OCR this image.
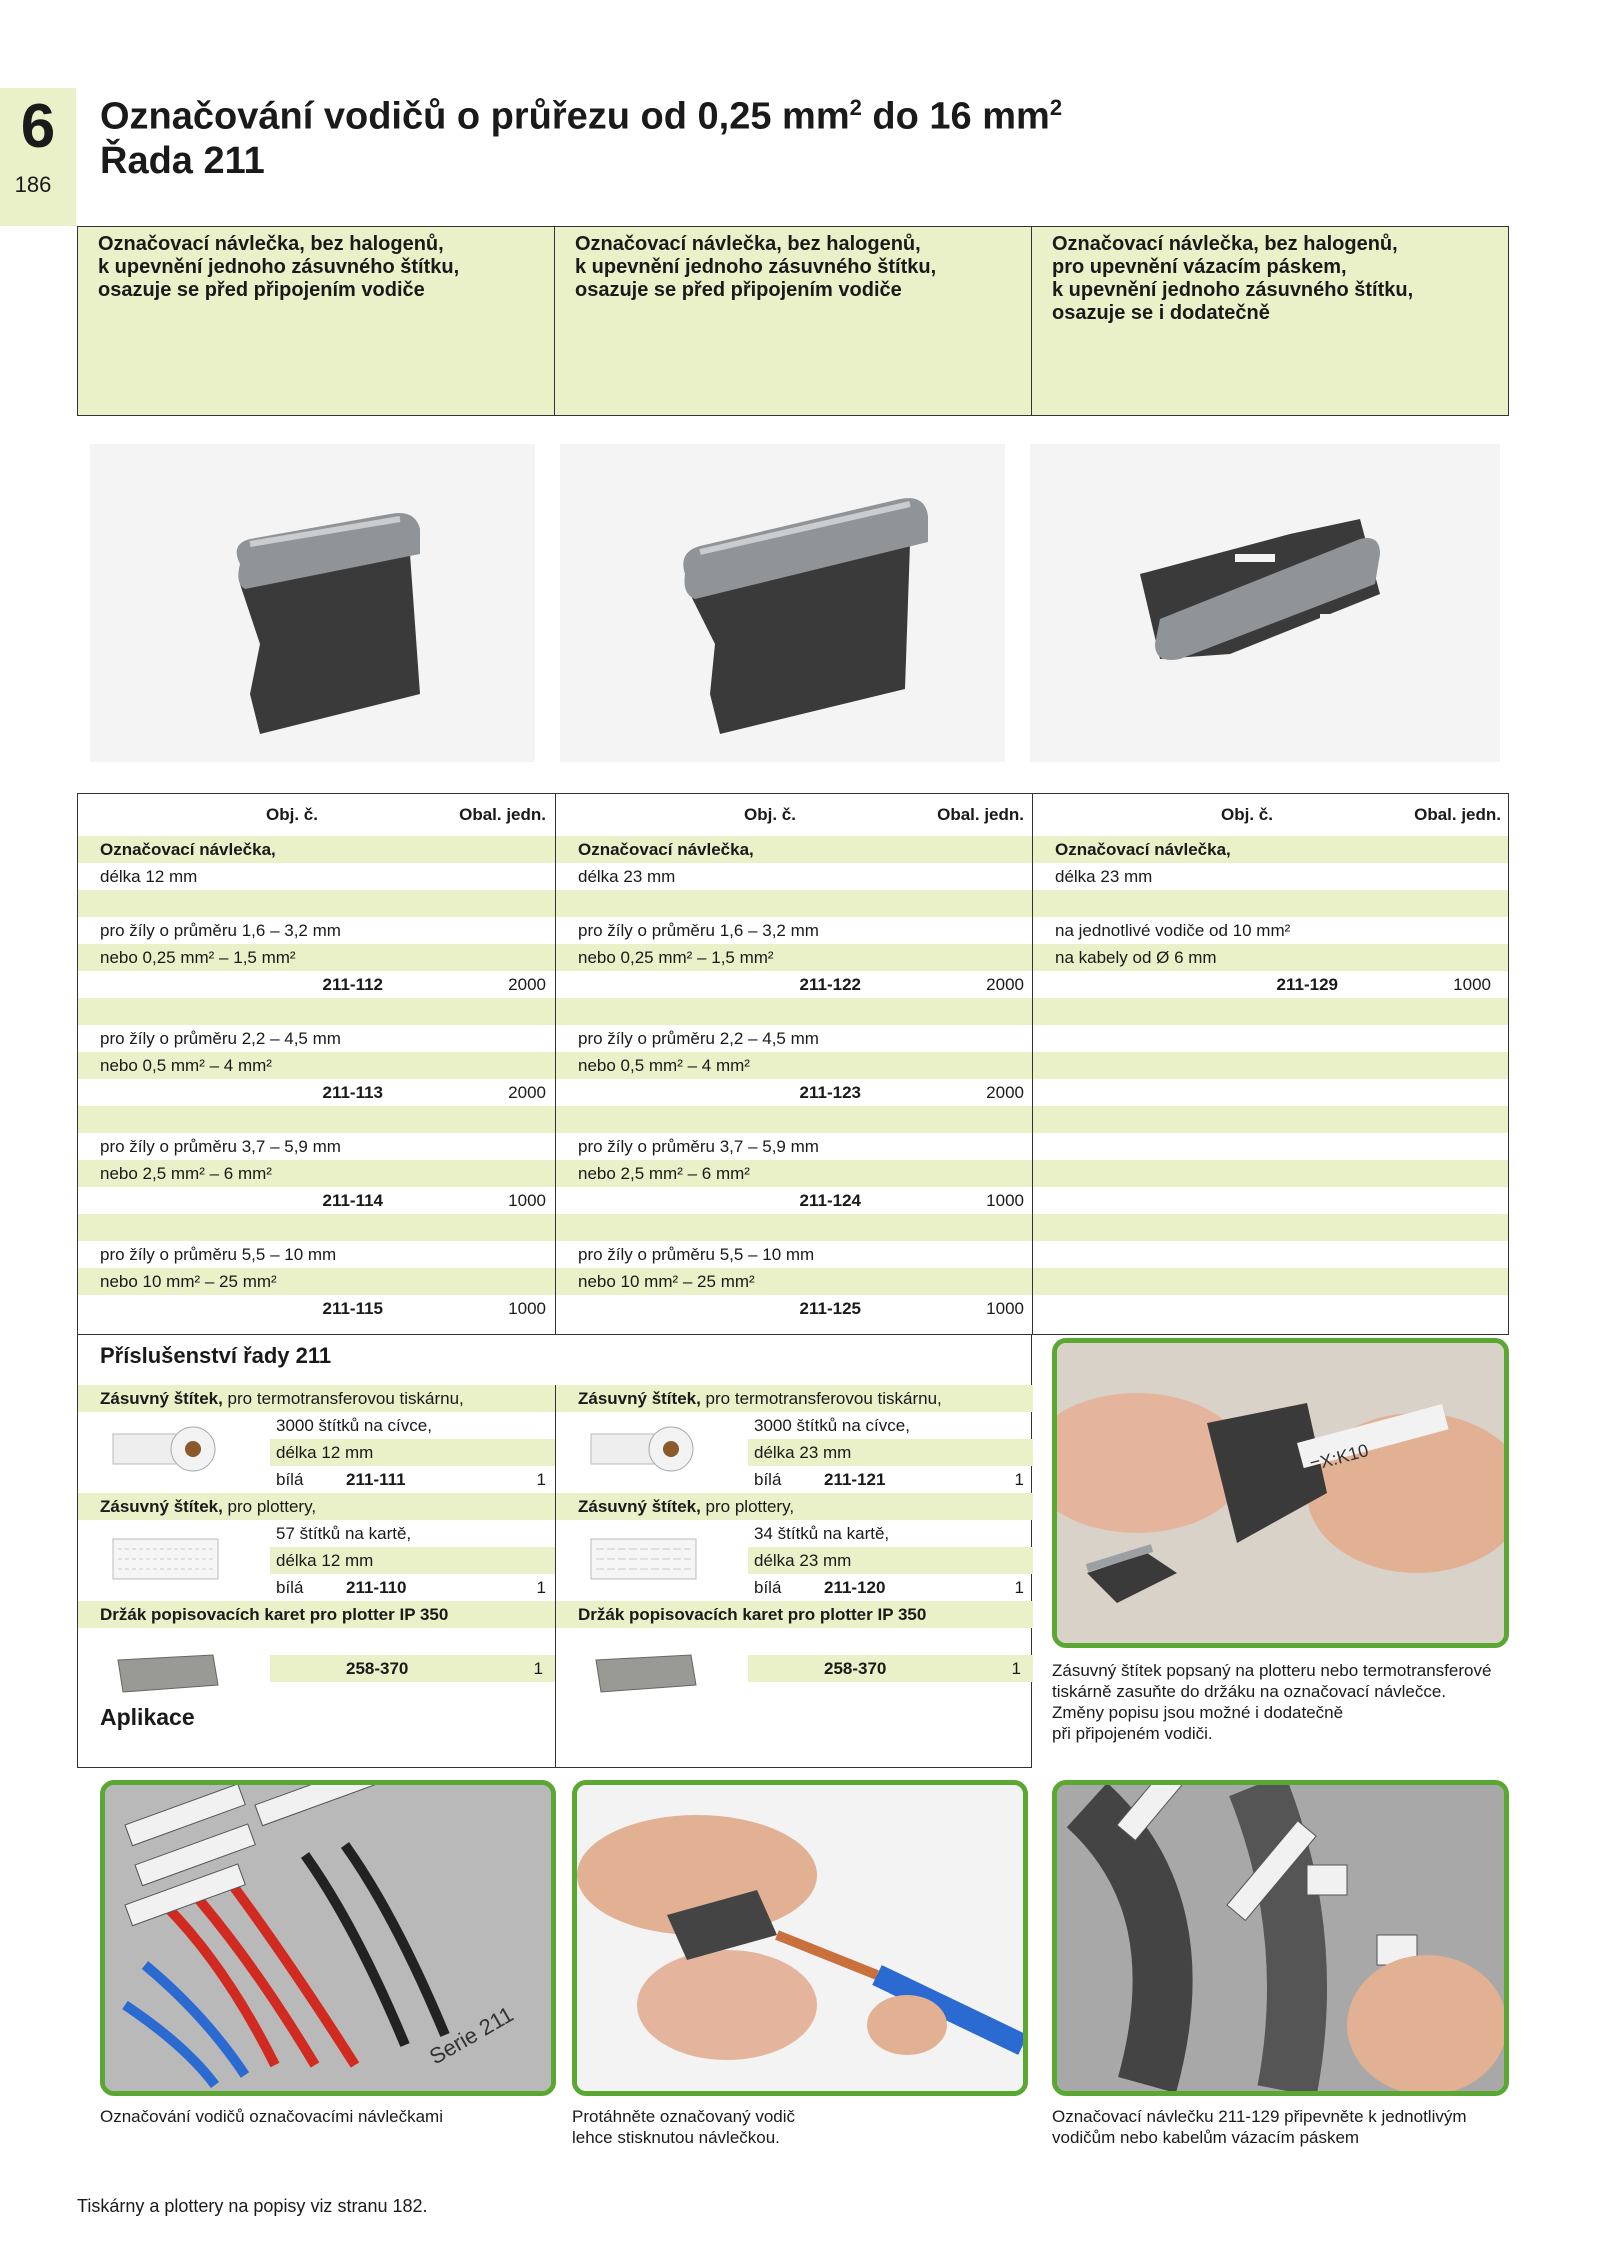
6
186
Označování vodičů o průřezu od 0,25 $mm^2$ do 16 $mm^2$
Řada 211
Označovací návlečka, bez halogenů,
k upevnění jednoho zásuvného štítku,
osazuje se před připojením vodiče
Označovací návlečka, bez halogenů,
k upevnění jednoho zásuvného štítku,
osazuje se před připojením vodiče
Označovací návlečka, bez halogenů,
pro upevnění vázacím páskem,
k upevnění jednoho zásuvného štítku,
osazuje se i dodatečně
Obj. č.	Obal. jedn.
Označovací návlečka,
délka 12 mm
pro žíly o průměru 1,6 – 3,2 mm
nebo 0,25 mm² – 1,5 mm²
211-112	2000
pro žíly o průměru 2,2 – 4,5 mm
nebo 0,5 mm² – 4 mm²
211-113	2000
pro žíly o průměru 3,7 – 5,9 mm
nebo 2,5 mm² – 6 mm²
211-114	1000
pro žíly o průměru 5,5 – 10 mm
nebo 10 mm² – 25 mm²
211-115	1000
Obj. č.	Obal. jedn.
Označovací návlečka,
délka 23 mm
pro žíly o průměru 1,6 – 3,2 mm
nebo 0,25 mm² – 1,5 mm²
211-122	2000
pro žíly o průměru 2,2 – 4,5 mm
nebo 0,5 mm² – 4 mm²
211-123	2000
pro žíly o průměru 3,7 – 5,9 mm
nebo 2,5 mm² – 6 mm²
211-124	1000
pro žíly o průměru 5,5 – 10 mm
nebo 10 mm² – 25 mm²
211-125	1000
Obj. č.	Obal. jedn.
Označovací návlečka,
délka 23 mm
na jednotlivé vodiče od 10 mm²
na kabely od Ø 6 mm
211-129	1000
Příslušenství řady 211
Zásuvný štítek, pro termotransferovou tiskárnu,
3000 štítků na cívce,
délka 12 mm
bílá	211-111	1
Zásuvný štítek, pro plottery,
57 štítků na kartě,
délka 12 mm
bílá	211-110	1
Držák popisovacích karet pro plotter IP 350
258-370	1
Aplikace
Zásuvný štítek, pro termotransferovou tiskárnu,
3000 štítků na cívce,
délka 23 mm
bílá	211-121	1
Zásuvný štítek, pro plottery,
34 štítků na kartě,
délka 23 mm
bílá	211-120	1
Držák popisovacích karet pro plotter IP 350
258-370	1
=X:K10
Zásuvný štítek popsaný na plotteru nebo termotransferové
tiskárně zasuňte do držáku na označovací návlečce.
Změny popisu jsou možné i dodatečně
při připojeném vodiči.
Serie 211
Označování vodičů označovacími návlečkami	Protáhněte označovaný vodič
lehce stisknutou návlečkou.
Označovací návlečku 211-129 připevněte k jednotlivým
vodičům nebo kabelům vázacím páskem
Tiskárny a plottery na popisy viz stranu 182.
